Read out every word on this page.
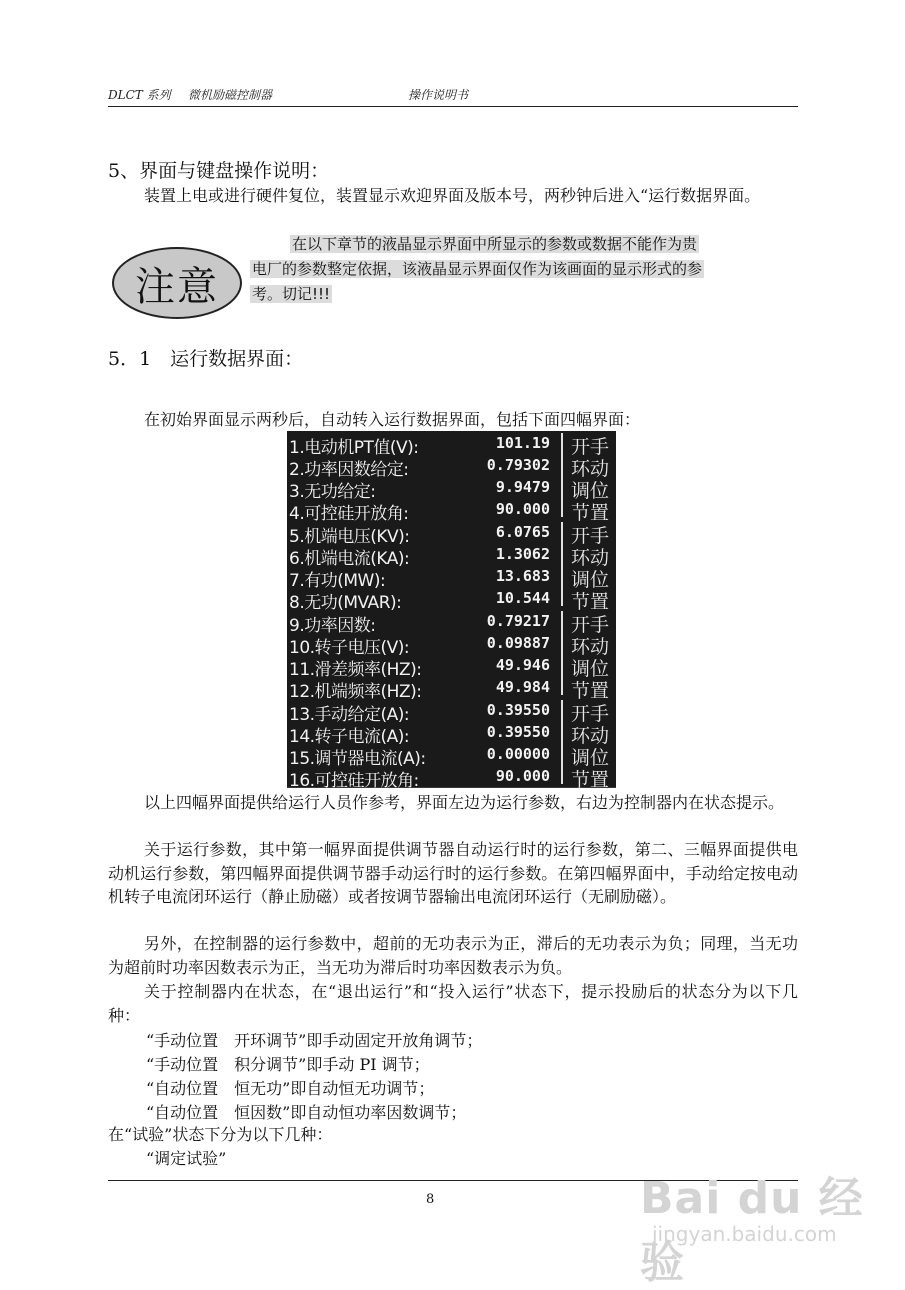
DLCT 系列 微机励磁控制器	操作说明书
5、界面与键盘操作说明：
装置上电或进行硬件复位，装置显示欢迎界面及版本号，两秒钟后进入“运行数据界面。
注意
在以下章节的液晶显示界面中所显示的参数或数据不能作为贵
电厂的参数整定依据，该液晶显示界面仅作为该画面的显示形式的参
考。切记!!!
5．1　运行数据界面：
在初始界面显示两秒后，自动转入运行数据界面，包括下面四幅界面：
1.电动机PT值(V):	101.19 开手
2.功率因数给定:	0.79302 环动
3.无功给定:	9.9479 调位
4.可控硅开放角:	90.000 节置
5.机端电压(KV):	6.0765 开手
6.机端电流(KA):	1.3062 环动
7.有功(MW):	13.683 调位
8.无功(MVAR):	10.544 节置
9.功率因数:	0.79217 开手
10.转子电压(V):	0.09887 环动
11.滑差频率(HZ):	49.946 调位
12.机端频率(HZ):	49.984 节置
13.手动给定(A):	0.39550 开手
14.转子电流(A):	0.39550 环动
15.调节器电流(A):	0.00000 调位
16.可控硅开放角:	90.000 节置
以上四幅界面提供给运行人员作参考，界面左边为运行参数，右边为控制器内在状态提示。
关于运行参数，其中第一幅界面提供调节器自动运行时的运行参数，第二、三幅界面提供电动机运行参数，第四幅界面提供调节器手动运行时的运行参数。在第四幅界面中，手动给定按电动机转子电流闭环运行（静止励磁）或者按调节器输出电流闭环运行（无刷励磁）。
另外，在控制器的运行参数中，超前的无功表示为正，滞后的无功表示为负；同理，当无功为超前时功率因数表示为正，当无功为滞后时功率因数表示为负。
关于控制器内在状态，在“退出运行”和“投入运行”状态下，提示投励后的状态分为以下几种：
“手动位置　开环调节”即手动固定开放角调节；
“手动位置　积分调节”即手动 PI 调节；
“自动位置　恒无功”即自动恒无功调节；
“自动位置　恒因数”即自动恒功率因数调节；
在“试验”状态下分为以下几种：
“调定试验”
8	Bai du 经验
jingyan.baidu.com
